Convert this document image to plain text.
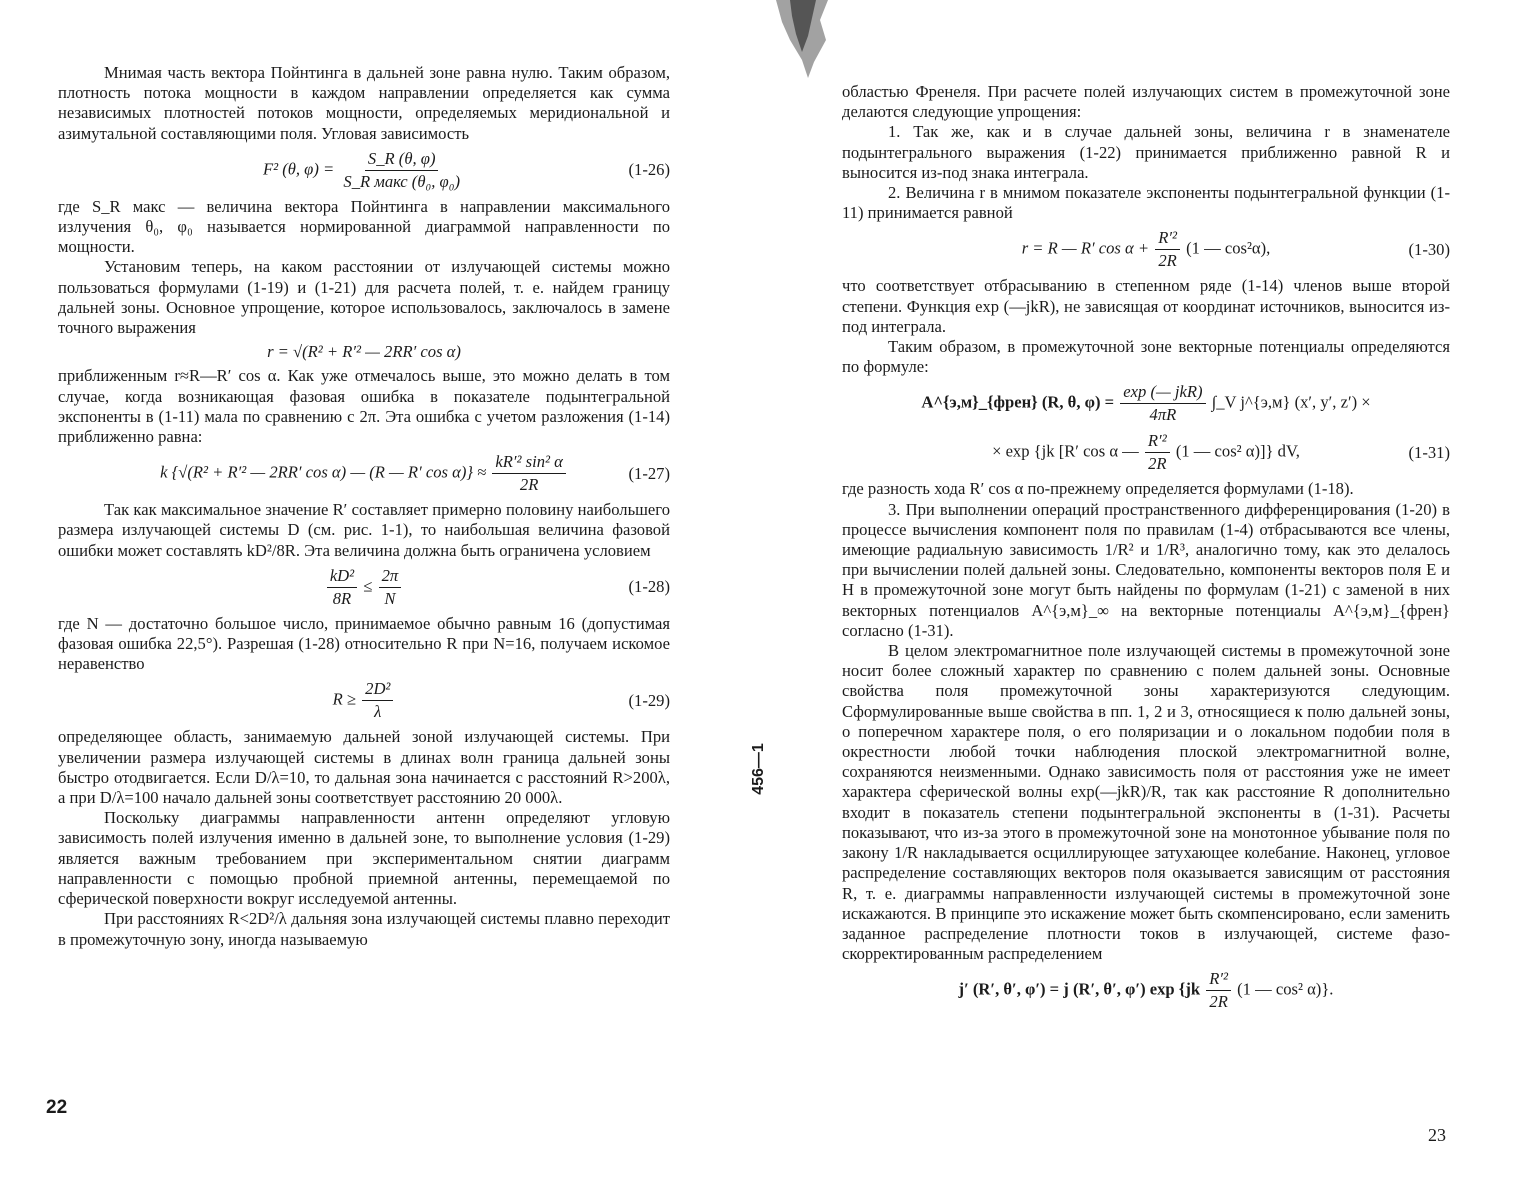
Мнимая часть вектора Пойнтинга в дальней зоне равна нулю. Таким образом, плотность потока мощности в каждом направлении определяется как сумма независимых плотностей потоков мощности, определяемых меридиональной и азимутальной составляющими поля. Угловая зависимость

F² (θ, $\varphi) = \frac{S\_R (\theta, \varphi)}{\text{S\_R макс (θ₀, φ₀)}}$	(1-26)

где S_R макс — величина вектора Пойнтинга в направлении максимального излучения θ₀, φ₀ называется нормированной диаграммой направленности по мощности.

Установим теперь, на каком расстоянии от излучающей системы можно пользоваться формулами (1-19) и (1-21) для расчета полей, т. е. найдем границу дальней зоны. Основное упрощение, которое использовалось, заключалось в замене точного выражения

r = √(R² + R′² — 2RR′ cos α)

приближенным r≈R—R′ cos α. Как уже отмечалось выше, это можно делать в том случае, когда возникающая фазовая ошибка в показателе подынтегральной экспоненты в (1-11) мала по сравнению с 2π. Эта ошибка с учетом разложения (1-14) приближенно равна:

k {√(R² + R′² — 2RR′ cos α) — (R — R′ $\cos \alpha)\} \approx \frac{\text{kR′² sin² α}}{2R}$	(1-27)

Так как максимальное значение R′ составляет примерно половину наибольшего размера излучающей системы D (см. рис. 1-1), то наибольшая величина фазовой ошибки может составлять kD²/8R. Эта величина должна быть ограничена условием

$\frac{\text{kD²}}{8R} \le \frac{2\pi}{N}$	(1-28)

где N — достаточно большое число, принимаемое обычно равным 16 (допустимая фазовая ошибка 22,5°). Разрешая (1-28) относительно R при N=16, получаем искомое неравенство

$R \ge \frac{\text{2D²}}{\lambda}$	(1-29)

определяющее область, занимаемую дальней зоной излучающей системы. При увеличении размера излучающей системы в длинах волн граница дальней зоны быстро отодвигается. Если D/λ=10, то дальная зона начинается с расстояний R>200λ, а при D/λ=100 начало дальней зоны соответствует расстоянию 20 000λ.

Поскольку диаграммы направленности антенн определяют угловую зависимость полей излучения именно в дальней зоне, то выполнение условия (1-29) является важным требованием при экспериментальном снятии диаграмм направленности с помощью пробной приемной антенны, перемещаемой по сферической поверхности вокруг исследуемой антенны.

При расстояниях R<2D²/λ дальняя зона излучающей системы плавно переходит в промежуточную зону, иногда называемую

22
456—1

областью Френеля. При расчете полей излучающих систем в промежуточной зоне делаются следующие упрощения:

1. Так же, как и в случае дальней зоны, величина r в знаменателе подынтегрального выражения (1-22) принимается приближенно равной R и выносится из-под знака интеграла.

2. Величина r в мнимом показателе экспоненты подынтегральной функции (1-11) принимается равной

r = R — R′ $\cos \alpha + \frac{\text{R′²}}{2R} (1$ — cos²α),	(1-30)

что соответствует отбрасыванию в степенном ряде (1-14) членов выше второй степени. Функция exp (—jkR), не зависящая от координат источников, выносится из-под интеграла.

Таким образом, в промежуточной зоне векторные потенциалы определяются по формуле:

A^{э,м}_{френ} (R, θ, $\varphi) = \frac{\text{exp (— jkR)}}{4\pi R}$ ∫_V j^{э,м} (x′, y′, z′) ×
× exp {jk [R′ cos α — $\frac{\text{R′²}}{2R} (1$ — cos² α)]} dV,	(1-31)

где разность хода R′ cos α по-прежнему определяется формулами (1-18).

3. При выполнении операций пространственного дифференцирования (1-20) в процессе вычисления компонент поля по правилам (1-4) отбрасываются все члены, имеющие радиальную зависимость 1/R² и 1/R³, аналогично тому, как это делалось при вычислении полей дальней зоны. Следовательно, компоненты векторов поля E и H в промежуточной зоне могут быть найдены по формулам (1-21) с заменой в них векторных потенциалов A^{э,м}_∞ на векторные потенциалы A^{э,м}_{френ} согласно (1-31).

В целом электромагнитное поле излучающей системы в промежуточной зоне носит более сложный характер по сравнению с полем дальней зоны. Основные свойства поля промежуточной зоны характеризуются следующим. Сформулированные выше свойства в пп. 1, 2 и 3, относящиеся к полю дальней зоны, о поперечном характере поля, о его поляризации и о локальном подобии поля в окрестности любой точки наблюдения плоской электромагнитной волне, сохраняются неизменными. Однако зависимость поля от расстояния уже не имеет характера сферической волны exp(—jkR)/R, так как расстояние R дополнительно входит в показатель степени подынтегральной экспоненты в (1-31). Расчеты показывают, что из-за этого в промежуточной зоне на монотонное убывание поля по закону 1/R накладывается осциллирующее затухающее колебание. Наконец, угловое распределение составляющих векторов поля оказывается зависящим от расстояния R, т. е. диаграммы направленности излучающей системы в промежуточной зоне искажаются. В принципе это искажение может быть скомпенсировано, если заменить заданное распределение плотности токов в излучающей, системе фазо-скорректированным распределением

j′ (R′, θ′, φ′) = j (R′, θ′, φ′) $\exp \{jk \frac{\text{R′²}}{2R} (1$ — cos² α)}.
23
